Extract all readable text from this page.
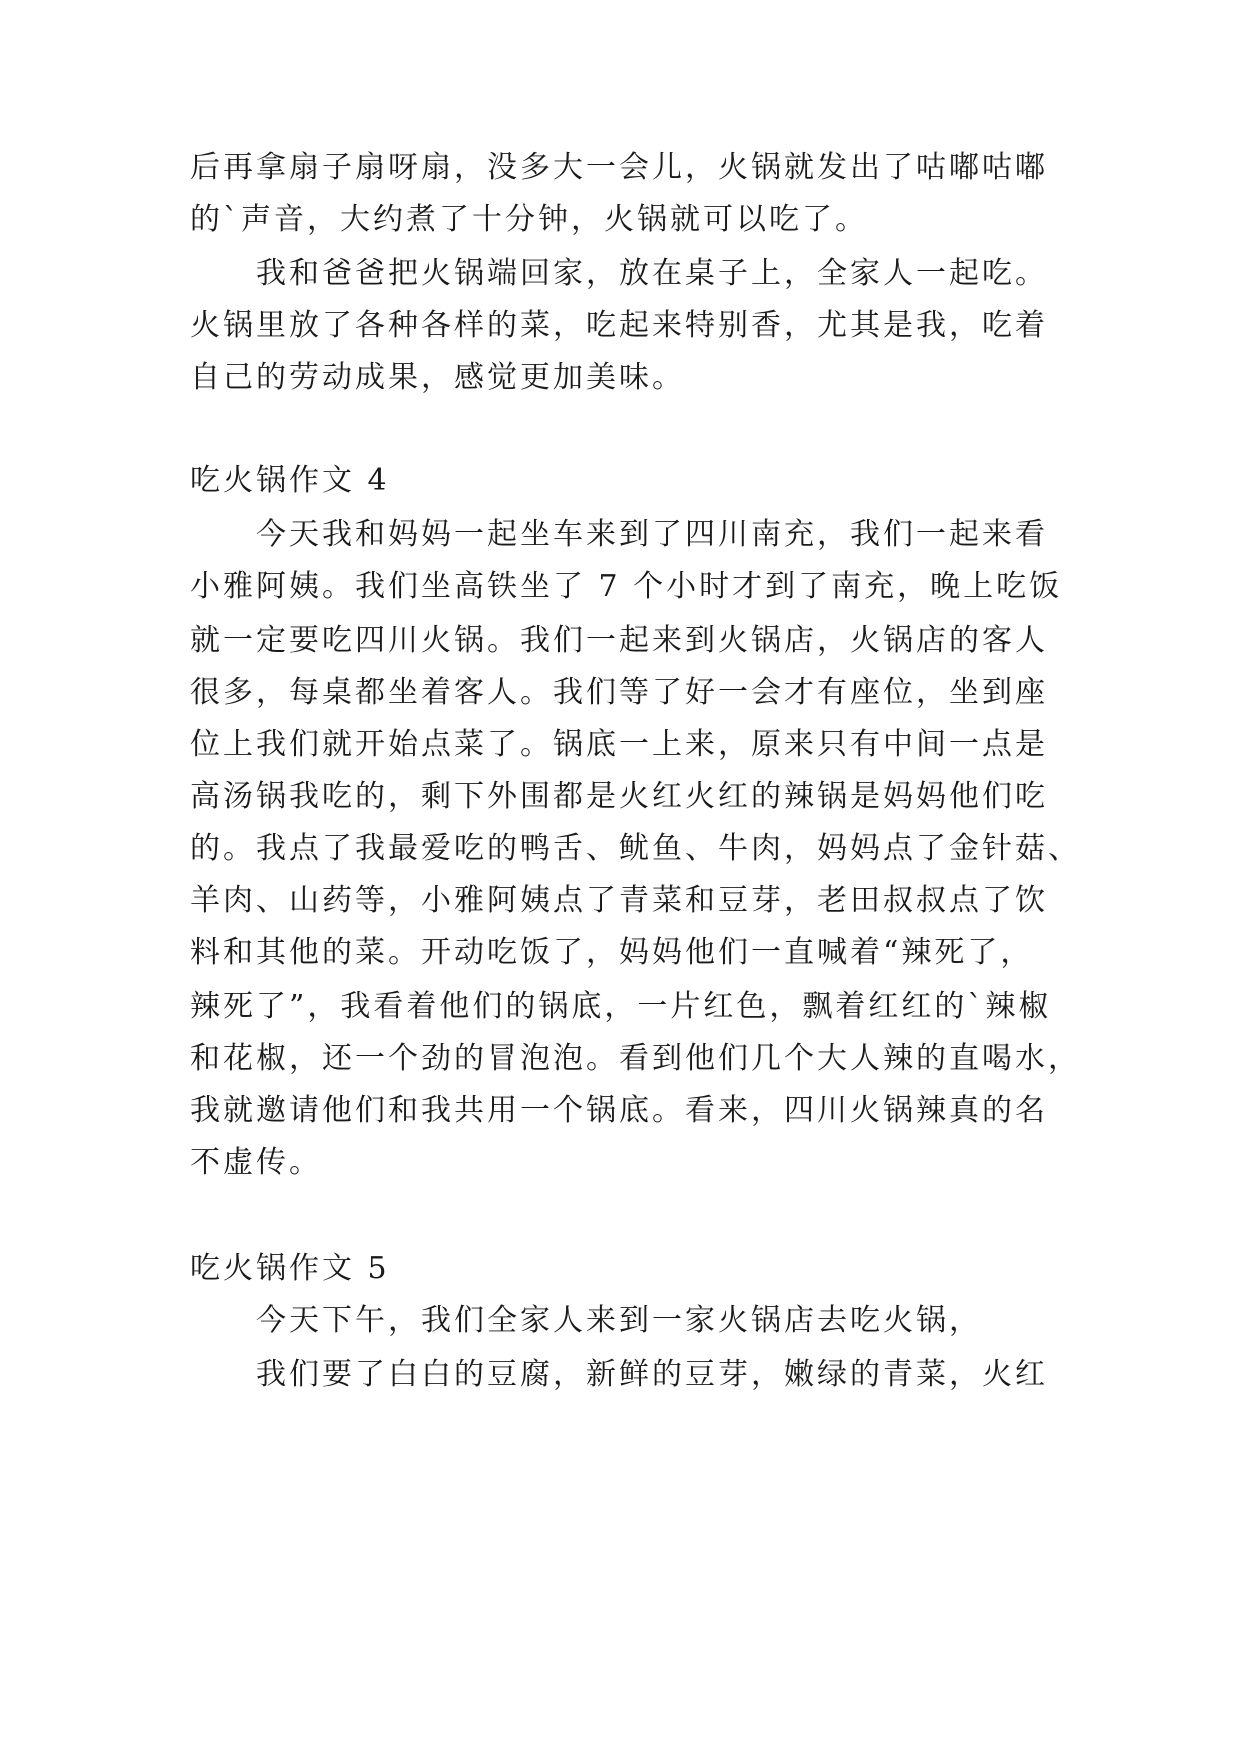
后再拿扇子扇呀扇，没多大一会儿，火锅就发出了咕嘟咕嘟
的`声音，大约煮了十分钟，火锅就可以吃了。
我和爸爸把火锅端回家，放在桌子上，全家人一起吃。
火锅里放了各种各样的菜，吃起来特别香，尤其是我，吃着
自己的劳动成果，感觉更加美味。
吃火锅作文 4
今天我和妈妈一起坐车来到了四川南充，我们一起来看
小雅阿姨。我们坐高铁坐了 7 个小时才到了南充，晚上吃饭
就一定要吃四川火锅。我们一起来到火锅店，火锅店的客人
很多，每桌都坐着客人。我们等了好一会才有座位，坐到座
位上我们就开始点菜了。锅底一上来，原来只有中间一点是
高汤锅我吃的，剩下外围都是火红火红的辣锅是妈妈他们吃
的。我点了我最爱吃的鸭舌、鱿鱼、牛肉，妈妈点了金针菇、
羊肉、山药等，小雅阿姨点了青菜和豆芽，老田叔叔点了饮
料和其他的菜。开动吃饭了，妈妈他们一直喊着“辣死了，
辣死了”，我看着他们的锅底，一片红色，飘着红红的`辣椒
和花椒，还一个劲的冒泡泡。看到他们几个大人辣的直喝水，
我就邀请他们和我共用一个锅底。看来，四川火锅辣真的名
不虚传。
吃火锅作文 5
今天下午，我们全家人来到一家火锅店去吃火锅，
我们要了白白的豆腐，新鲜的豆芽，嫩绿的青菜，火红
